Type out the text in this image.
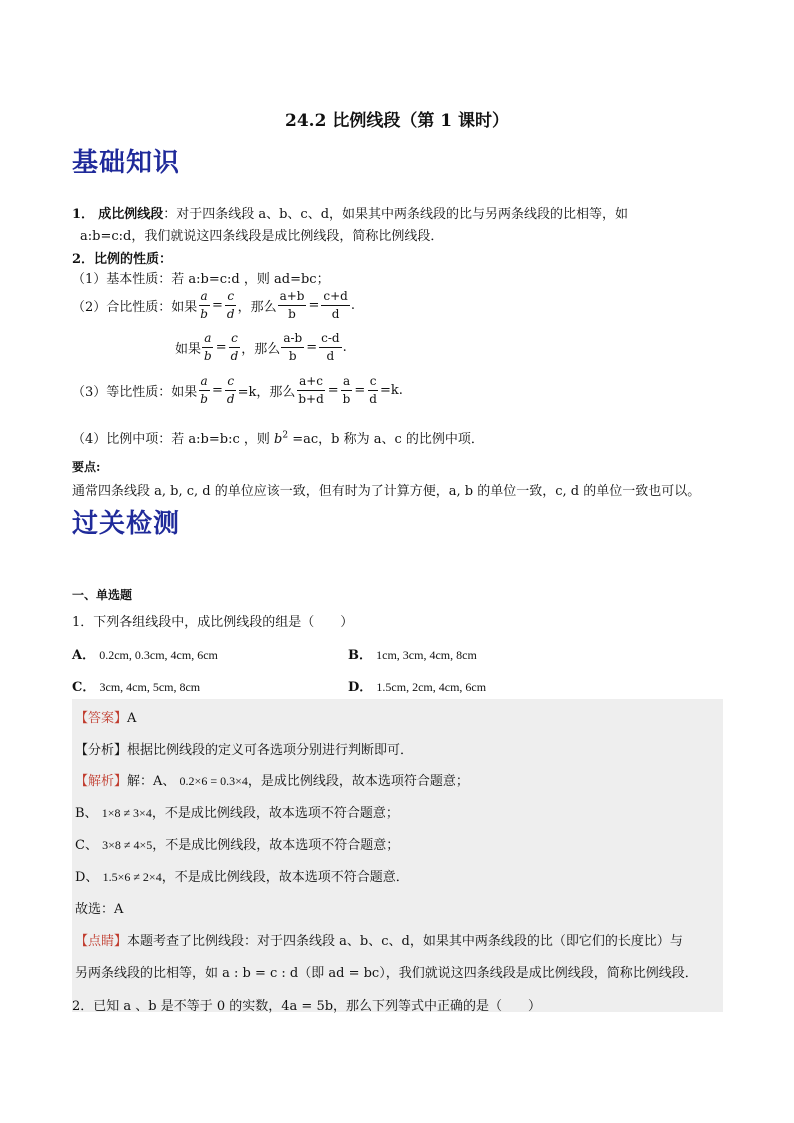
24.2 比例线段（第 1 课时）
基础知识
1． 成比例线段：对于四条线段 a、b、c、d，如果其中两条线段的比与另两条线段的比相等，如
a:b=c:d，我们就说这四条线段是成比例线段，简称比例线段．
2．比例的性质：
（1）基本性质：若 a:b=c:d ，则 ad=bc；
（2）合比性质：如果 $\frac{a}{b} = \frac{c}{d}$ ，那么 $\frac{a+b}{b} = \frac{c+d}{d}$ .
如果 $\frac{a}{b} = \frac{c}{d}$ ，那么 $\frac{a-b}{b} = \frac{c-d}{d}$ .
（3）等比性质：如果 $\frac{a}{b} = \frac{c}{d} =k$，那么 $\frac{a+c}{b+d} = \frac{a}{b} = \frac{c}{d} =k$.
（4）比例中项：若 a:b=b:c ，则 $b^2 =ac$，b 称为 a、c 的比例中项．
要点:
通常四条线段 a, b, c, d 的单位应该一致，但有时为了计算方便，a, b 的单位一致，c, d 的单位一致也可以。
过关检测
一、单选题
1．下列各组线段中，成比例线段的组是（　　）
A． 0.2cm, 0.3cm, 4cm, 6cm	B． 1cm, 3cm, 4cm, 8cm
C． 3cm, 4cm, 5cm, 8cm	D． 1.5cm, 2cm, 4cm, 6cm
【答案】A
【分析】根据比例线段的定义可各选项分别进行判断即可．
【解析】解：A、 0.2×6 = 0.3×4，是成比例线段，故本选项符合题意；
B、 1×8 ≠ 3×4，不是成比例线段，故本选项不符合题意；
C、 3×8 ≠ 4×5，不是成比例线段，故本选项不符合题意；
D、 1.5×6 ≠ 2×4，不是成比例线段，故本选项不符合题意．
故选：A
【点睛】本题考查了比例线段：对于四条线段 a、b、c、d，如果其中两条线段的比（即它们的长度比）与
另两条线段的比相等，如 a : b = c : d（即 ad = bc），我们就说这四条线段是成比例线段，简称比例线段．
2．已知 a 、b 是不等于 0 的实数，4a = 5b，那么下列等式中正确的是（　　）
